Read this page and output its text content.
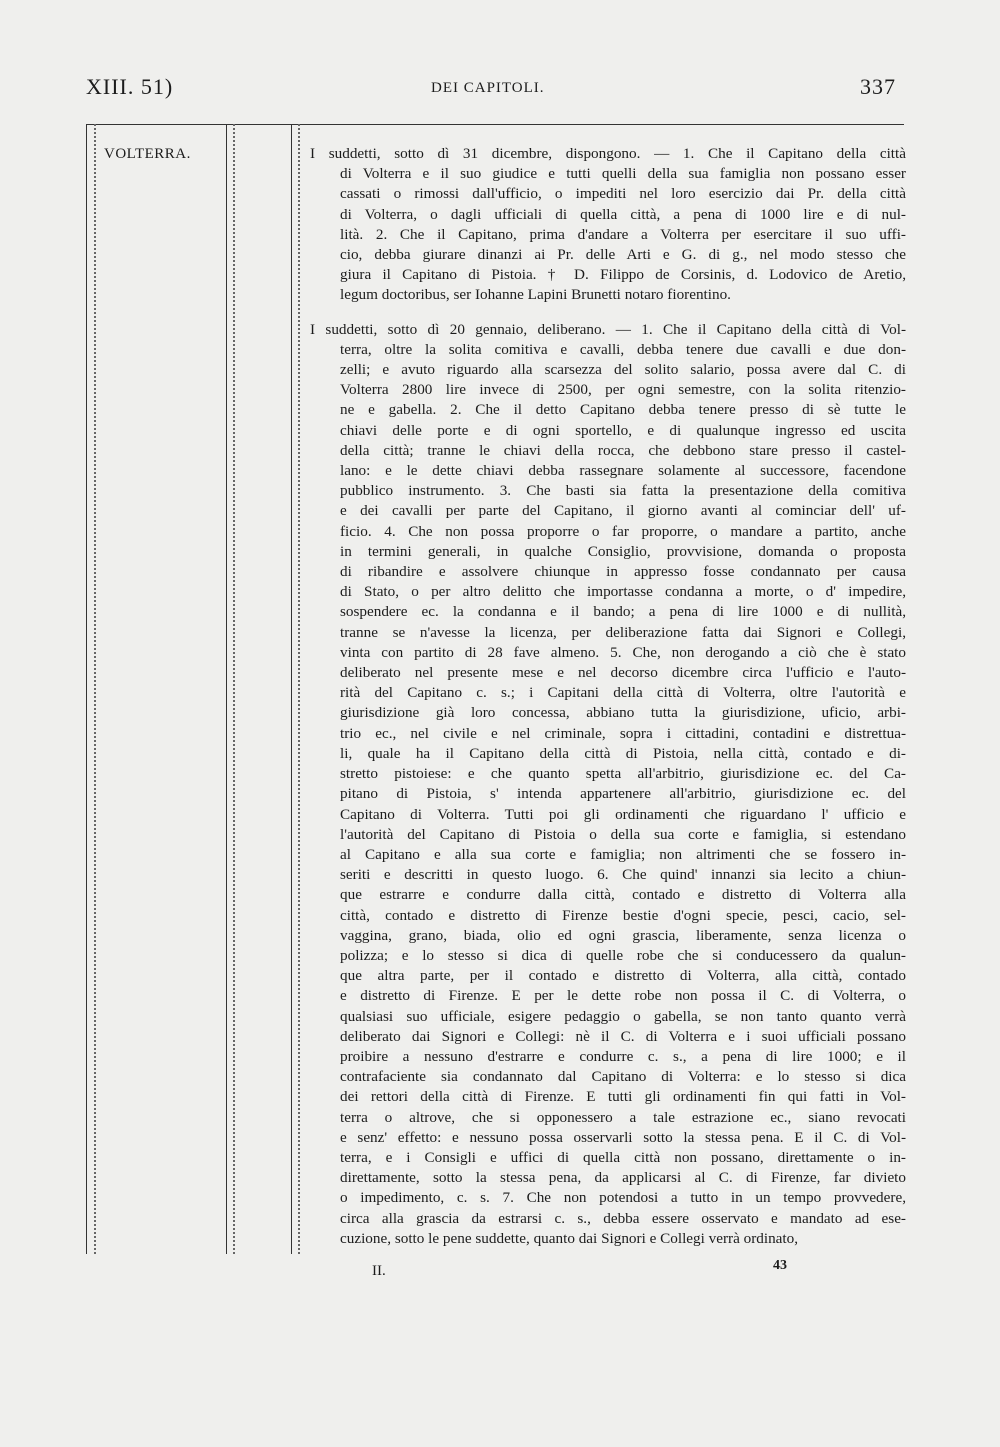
XIII. 51)	DEI CAPITOLI.	337
VOLTERRA.	I suddetti, sotto dì 31 dicembre, dispongono. — 1. Che il Capitano della città
di Volterra e il suo giudice e tutti quelli della sua famiglia non possano esser
cassati o rimossi dall'ufficio, o impediti nel loro esercizio dai Pr. della città
di Volterra, o dagli ufficiali di quella città, a pena di 1000 lire e di nul-
lità. 2. Che il Capitano, prima d'andare a Volterra per esercitare il suo uffi-
cio, debba giurare dinanzi ai Pr. delle Arti e G. di g., nel modo stesso che
giura il Capitano di Pistoia. † D. Filippo de Corsinis, d. Lodovico de Aretio,
legum doctoribus, ser Iohanne Lapini Brunetti notaro fiorentino.
I suddetti, sotto dì 20 gennaio, deliberano. — 1. Che il Capitano della città di Vol-
terra, oltre la solita comitiva e cavalli, debba tenere due cavalli e due don-
zelli; e avuto riguardo alla scarsezza del solito salario, possa avere dal C. di
Volterra 2800 lire invece di 2500, per ogni semestre, con la solita ritenzio-
ne e gabella. 2. Che il detto Capitano debba tenere presso di sè tutte le
chiavi delle porte e di ogni sportello, e di qualunque ingresso ed uscita
della città; tranne le chiavi della rocca, che debbono stare presso il castel-
lano: e le dette chiavi debba rassegnare solamente al successore, facendone
pubblico instrumento. 3. Che basti sia fatta la presentazione della comitiva
e dei cavalli per parte del Capitano, il giorno avanti al cominciar dell' uf-
ficio. 4. Che non possa proporre o far proporre, o mandare a partito, anche
in termini generali, in qualche Consiglio, provvisione, domanda o proposta
di ribandire e assolvere chiunque in appresso fosse condannato per causa
di Stato, o per altro delitto che importasse condanna a morte, o d' impedire,
sospendere ec. la condanna e il bando; a pena di lire 1000 e di nullità,
tranne se n'avesse la licenza, per deliberazione fatta dai Signori e Collegi,
vinta con partito di 28 fave almeno. 5. Che, non derogando a ciò che è stato
deliberato nel presente mese e nel decorso dicembre circa l'ufficio e l'auto-
rità del Capitano c. s.; i Capitani della città di Volterra, oltre l'autorità e
giurisdizione già loro concessa, abbiano tutta la giurisdizione, uficio, arbi-
trio ec., nel civile e nel criminale, sopra i cittadini, contadini e distrettua-
li, quale ha il Capitano della città di Pistoia, nella città, contado e di-
stretto pistoiese: e che quanto spetta all'arbitrio, giurisdizione ec. del Ca-
pitano di Pistoia, s' intenda appartenere all'arbitrio, giurisdizione ec. del
Capitano di Volterra. Tutti poi gli ordinamenti che riguardano l' ufficio e
l'autorità del Capitano di Pistoia o della sua corte e famiglia, si estendano
al Capitano e alla sua corte e famiglia; non altrimenti che se fossero in-
seriti e descritti in questo luogo. 6. Che quind' innanzi sia lecito a chiun-
que estrarre e condurre dalla città, contado e distretto di Volterra alla
città, contado e distretto di Firenze bestie d'ogni specie, pesci, cacio, sel-
vaggina, grano, biada, olio ed ogni grascia, liberamente, senza licenza o
polizza; e lo stesso si dica di quelle robe che si conducessero da qualun-
que altra parte, per il contado e distretto di Volterra, alla città, contado
e distretto di Firenze. E per le dette robe non possa il C. di Volterra, o
qualsiasi suo ufficiale, esigere pedaggio o gabella, se non tanto quanto verrà
deliberato dai Signori e Collegi: nè il C. di Volterra e i suoi ufficiali possano
proibire a nessuno d'estrarre e condurre c. s., a pena di lire 1000; e il
contrafaciente sia condannato dal Capitano di Volterra: e lo stesso si dica
dei rettori della città di Firenze. E tutti gli ordinamenti fin qui fatti in Vol-
terra o altrove, che si opponessero a tale estrazione ec., siano revocati
e senz' effetto: e nessuno possa osservarli sotto la stessa pena. E il C. di Vol-
terra, e i Consigli e uffici di quella città non possano, direttamente o in-
direttamente, sotto la stessa pena, da applicarsi al C. di Firenze, far divieto
o impedimento, c. s. 7. Che non potendosi a tutto in un tempo provvedere,
circa alla grascia da estrarsi c. s., debba essere osservato e mandato ad ese-
cuzione, sotto le pene suddette, quanto dai Signori e Collegi verrà ordinato,
II.	43
